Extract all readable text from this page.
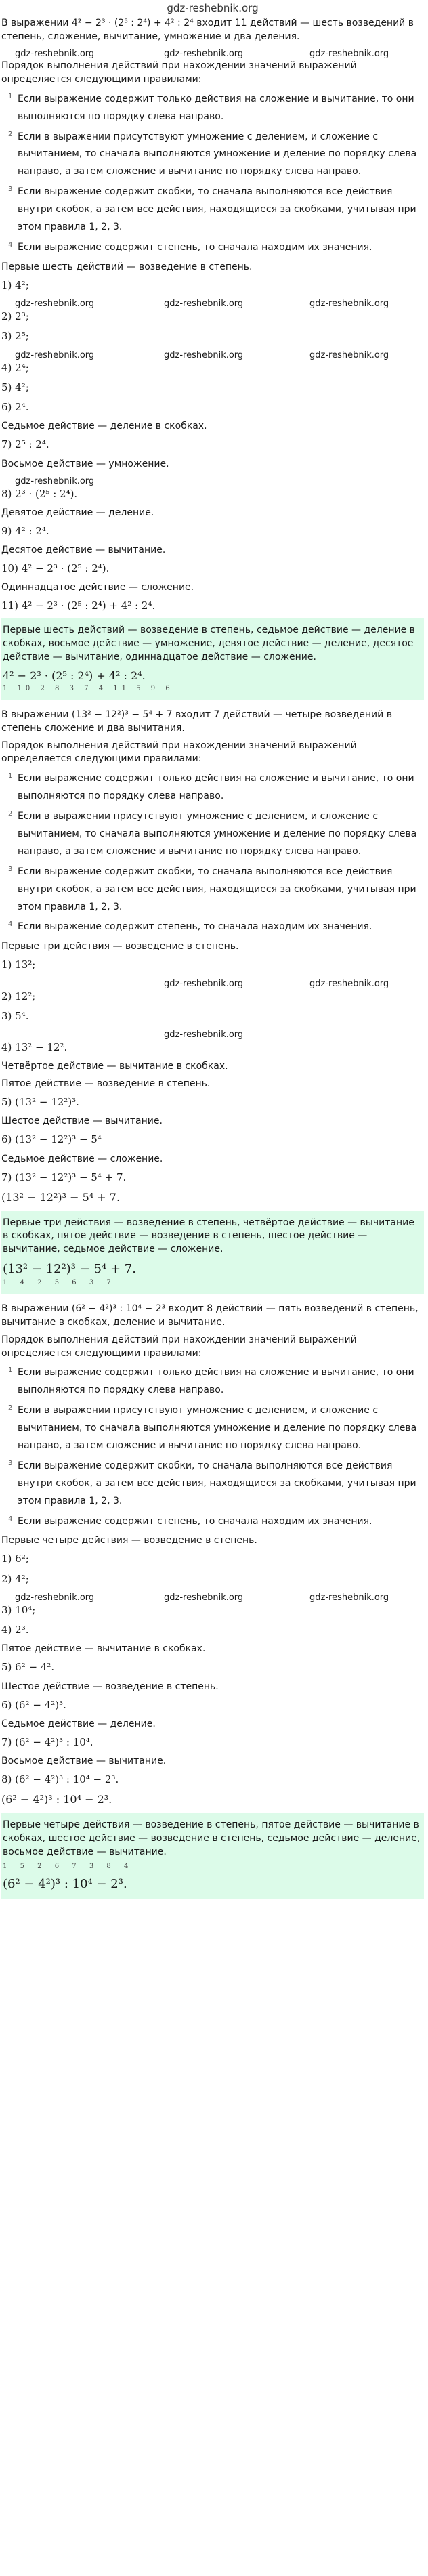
gdz-reshebnik.org

В выражении 4² − 2³ · (2⁵ : 2⁴) + 4² : 2⁴ входит 11 действий — шесть возведений в степень, сложение, вычитание, умножение и два деления.

gdz-reshebnik.org	gdz-reshebnik.org	gdz-reshebnik.org

Порядок выполнения действий при нахождении значений выражений определяется следующими правилами:

1 Если выражение содержит только действия на сложение и вычитание, то они выполняются по порядку слева направо.
2 Если в выражении присутствуют умножение с делением, и сложение с вычитанием, то сначала выполняются умножение и деление по порядку слева направо, а затем сложение и вычитание по порядку слева направо.
3 Если выражение содержит скобки, то сначала выполняются все действия внутри скобок, а затем все действия, находящиеся за скобками, учитывая при этом правила 1, 2, 3.
4 Если выражение содержит степень, то сначала находим их значения.

Первые шесть действий — возведение в степень.

1) 4²;
gdz-reshebnik.org	gdz-reshebnik.org	gdz-reshebnik.org
2) 2³;
3) 2⁵;
gdz-reshebnik.org	gdz-reshebnik.org	gdz-reshebnik.org
4) 2⁴;
5) 4²;
6) 2⁴.

Седьмое действие — деление в скобках.

7) 2⁵ : 2⁴.

Восьмое действие — умножение.

gdz-reshebnik.org
8) 2³ · (2⁵ : 2⁴).

Девятое действие — деление.

9) 4² : 2⁴.

Десятое действие — вычитание.

10) 4² − 2³ · (2⁵ : 2⁴).

Одиннадцатое действие — сложение.

11) 4² − 2³ · (2⁵ : 2⁴) + 4² : 2⁴.
Первые шесть действий — возведение в степень, седьмое действие — деление в скобках, восьмое действие — умножение, девятое действие — деление, десятое действие — вычитание, одиннадцатое действие — сложение.
4² − 2³ · (2⁵ : 2⁴) + 4² : 2⁴.
1 10 2 8 3 7 4 11 5 9 6

В выражении (13² − 12²)³ − 5⁴ + 7 входит 7 действий — четыре возведений в степень сложение и два вычитания.

Порядок выполнения действий при нахождении значений выражений определяется следующими правилами:

1 Если выражение содержит только действия на сложение и вычитание, то они выполняются по порядку слева направо.
2 Если в выражении присутствуют умножение с делением, и сложение с вычитанием, то сначала выполняются умножение и деление по порядку слева направо, а затем сложение и вычитание по порядку слева направо.
3 Если выражение содержит скобки, то сначала выполняются все действия внутри скобок, а затем все действия, находящиеся за скобками, учитывая при этом правила 1, 2, 3.
4 Если выражение содержит степень, то сначала находим их значения.

Первые три действия — возведение в степень.

1) 13²;
gdz-reshebnik.org	gdz-reshebnik.org
2) 12²;
3) 5⁴.
gdz-reshebnik.org
4) 13² − 12².

Четвёртое действие — вычитание в скобках.

Пятое действие — возведение в степень.

5) (13² − 12²)³.

Шестое действие — вычитание.

6) (13² − 12²)³ − 5⁴

Седьмое действие — сложение.

7) (13² − 12²)³ − 5⁴ + 7.
(13² − 12²)³ − 5⁴ + 7.
Первые три действия — возведение в степень, четвёртое действие — вычитание в скобках, пятое действие — возведение в степень, шестое действие — вычитание, седьмое действие — сложение.
(13² − 12²)³ − 5⁴ + 7.
1 4 2 5 6 3 7

В выражении (6² − 4²)³ : 10⁴ − 2³ входит 8 действий — пять возведений в степень, вычитание в скобках, деление и вычитание.

Порядок выполнения действий при нахождении значений выражений определяется следующими правилами:

1 Если выражение содержит только действия на сложение и вычитание, то они выполняются по порядку слева направо.
2 Если в выражении присутствуют умножение с делением, и сложение с вычитанием, то сначала выполняются умножение и деление по порядку слева направо, а затем сложение и вычитание по порядку слева направо.
3 Если выражение содержит скобки, то сначала выполняются все действия внутри скобок, а затем все действия, находящиеся за скобками, учитывая при этом правила 1, 2, 3.
4 Если выражение содержит степень, то сначала находим их значения.

Первые четыре действия — возведение в степень.

1) 6²;
2) 4²;
gdz-reshebnik.org	gdz-reshebnik.org	gdz-reshebnik.org
3) 10⁴;
4) 2³.

Пятое действие — вычитание в скобках.

5) 6² − 4².

Шестое действие — возведение в степень.

6) (6² − 4²)³.

Седьмое действие — деление.

7) (6² − 4²)³ : 10⁴.

Восьмое действие — вычитание.

8) (6² − 4²)³ : 10⁴ − 2³.
(6² − 4²)³ : 10⁴ − 2³.
Первые четыре действия — возведение в степень, пятое действие — вычитание в скобках, шестое действие — возведение в степень, седьмое действие — деление, восьмое действие — вычитание.
1 5 2 6 7 3 8 4
(6² − 4²)³ : 10⁴ − 2³.
